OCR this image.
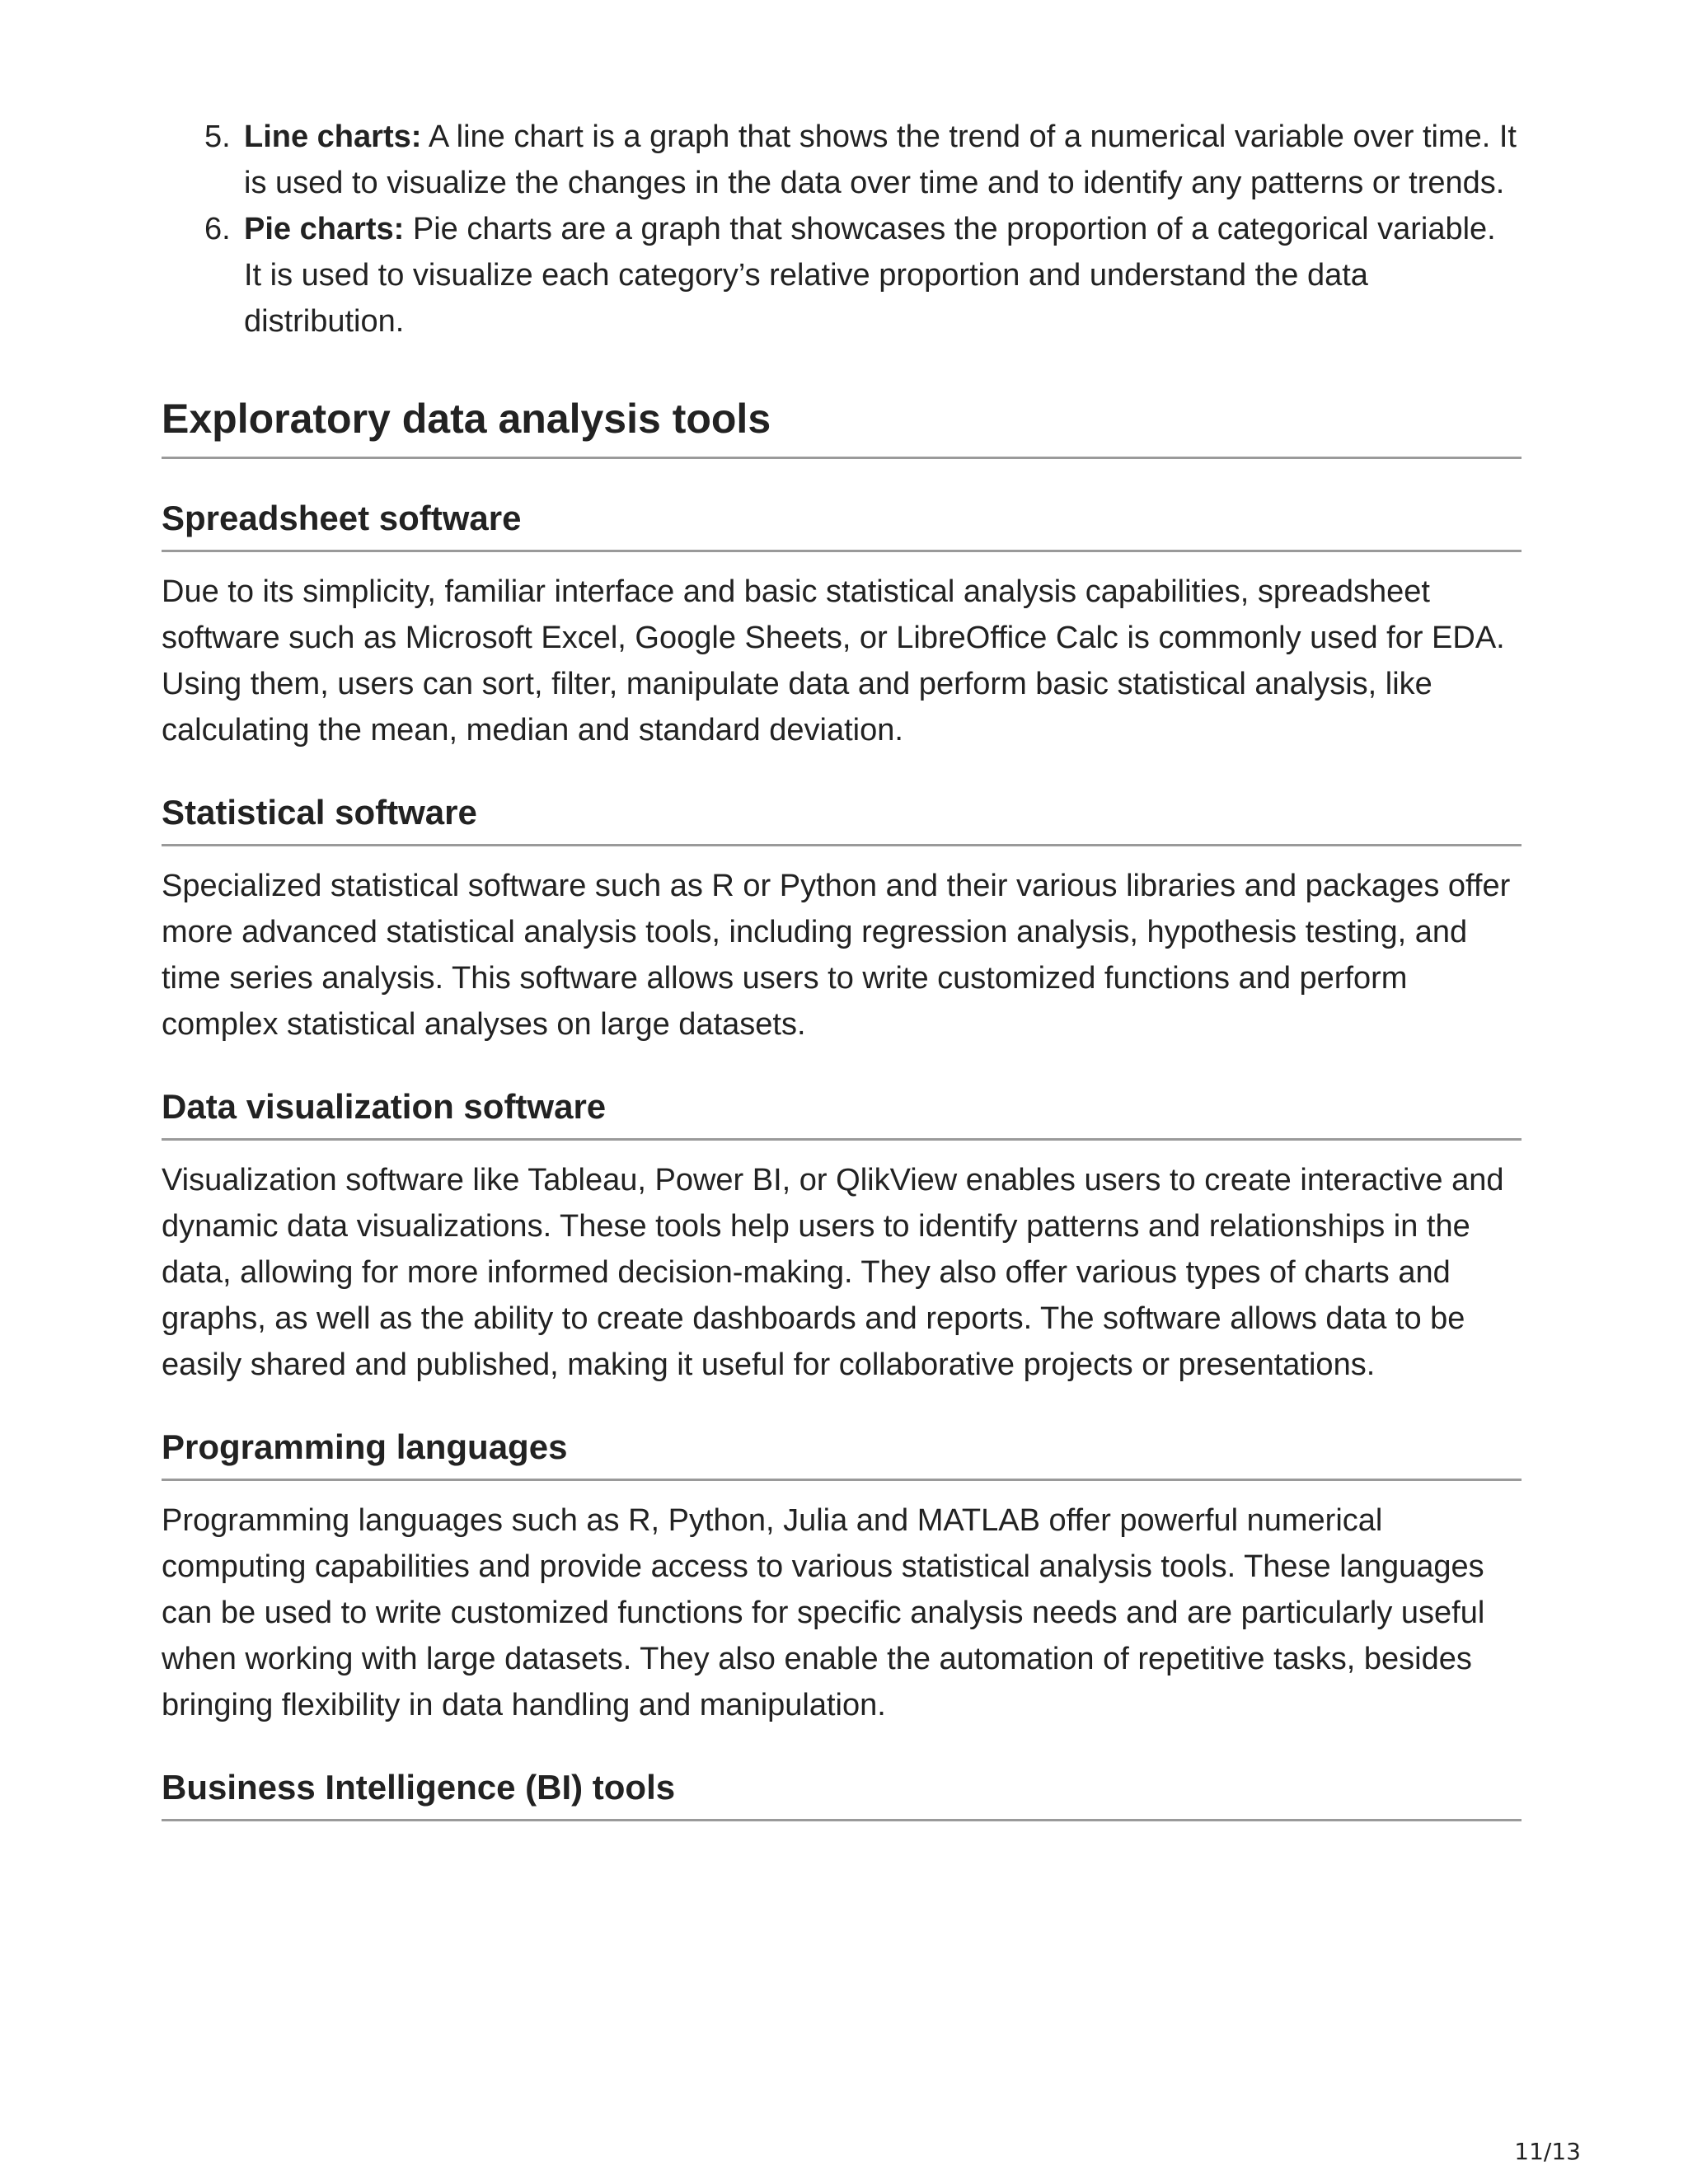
5. Line charts: A line chart is a graph that shows the trend of a numerical variable over time. It is used to visualize the changes in the data over time and to identify any patterns or trends.
6. Pie charts: Pie charts are a graph that showcases the proportion of a categorical variable. It is used to visualize each category’s relative proportion and understand the data distribution.
Exploratory data analysis tools
Spreadsheet software

Due to its simplicity, familiar interface and basic statistical analysis capabilities, spreadsheet software such as Microsoft Excel, Google Sheets, or LibreOffice Calc is commonly used for EDA. Using them, users can sort, filter, manipulate data and perform basic statistical analysis, like calculating the mean, median and standard deviation.

Statistical software

Specialized statistical software such as R or Python and their various libraries and packages offer more advanced statistical analysis tools, including regression analysis, hypothesis testing, and time series analysis. This software allows users to write customized functions and perform complex statistical analyses on large datasets.

Data visualization software

Visualization software like Tableau, Power BI, or QlikView enables users to create interactive and dynamic data visualizations. These tools help users to identify patterns and relationships in the data, allowing for more informed decision-making. They also offer various types of charts and graphs, as well as the ability to create dashboards and reports. The software allows data to be easily shared and published, making it useful for collaborative projects or presentations.

Programming languages

Programming languages such as R, Python, Julia and MATLAB offer powerful numerical computing capabilities and provide access to various statistical analysis tools. These languages can be used to write customized functions for specific analysis needs and are particularly useful when working with large datasets. They also enable the automation of repetitive tasks, besides bringing flexibility in data handling and manipulation.

Business Intelligence (BI) tools
11/13
